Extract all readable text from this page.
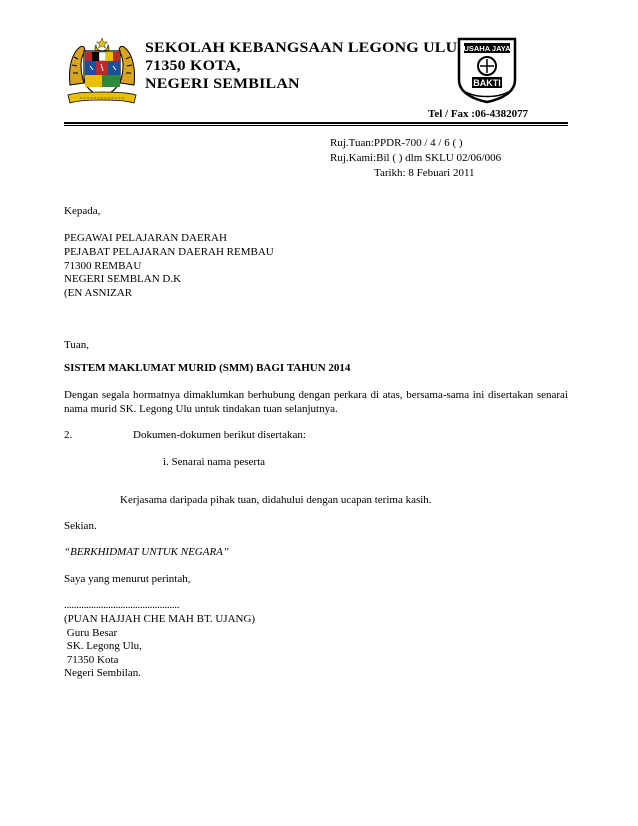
SEKOLAH KEBANGSAAN LEGONG ULU
71350 KOTA,
NEGERI SEMBILAN
USAHA JAYA
BAKTI
Tel / Fax :06-4382077
Ruj.Tuan:PPDR-700 / 4 / 6 ( )
Ruj.Kami:Bil ( ) dlm SKLU 02/06/006
Tarikh: 8 Febuari 2011
Kepada,
PEGAWAI PELAJARAN DAERAH
PEJABAT PELAJARAN DAERAH REMBAU
71300 REMBAU
NEGERI SEMBLAN D.K
(EN ASNIZAR
Tuan,
SISTEM MAKLUMAT MURID (SMM) BAGI TAHUN 2014
Dengan segala hormatnya dimaklumkan berhubung dengan perkara di atas, bersama-sama ini disertakan senarai nama murid SK. Legong Ulu untuk tindakan tuan selanjutnya.
2.	Dokumen-dokumen berikut disertakan:
i. Senarai nama peserta
Kerjasama daripada pihak tuan, didahului dengan ucapan terima kasih.
Sekian.
“BERKHIDMAT UNTUK NEGARA”
Saya yang menurut perintah,
...............................................
(PUAN HAJJAH CHE MAH BT. UJANG)
Guru Besar
SK. Legong Ulu,
71350 Kota
Negeri Sembilan.
